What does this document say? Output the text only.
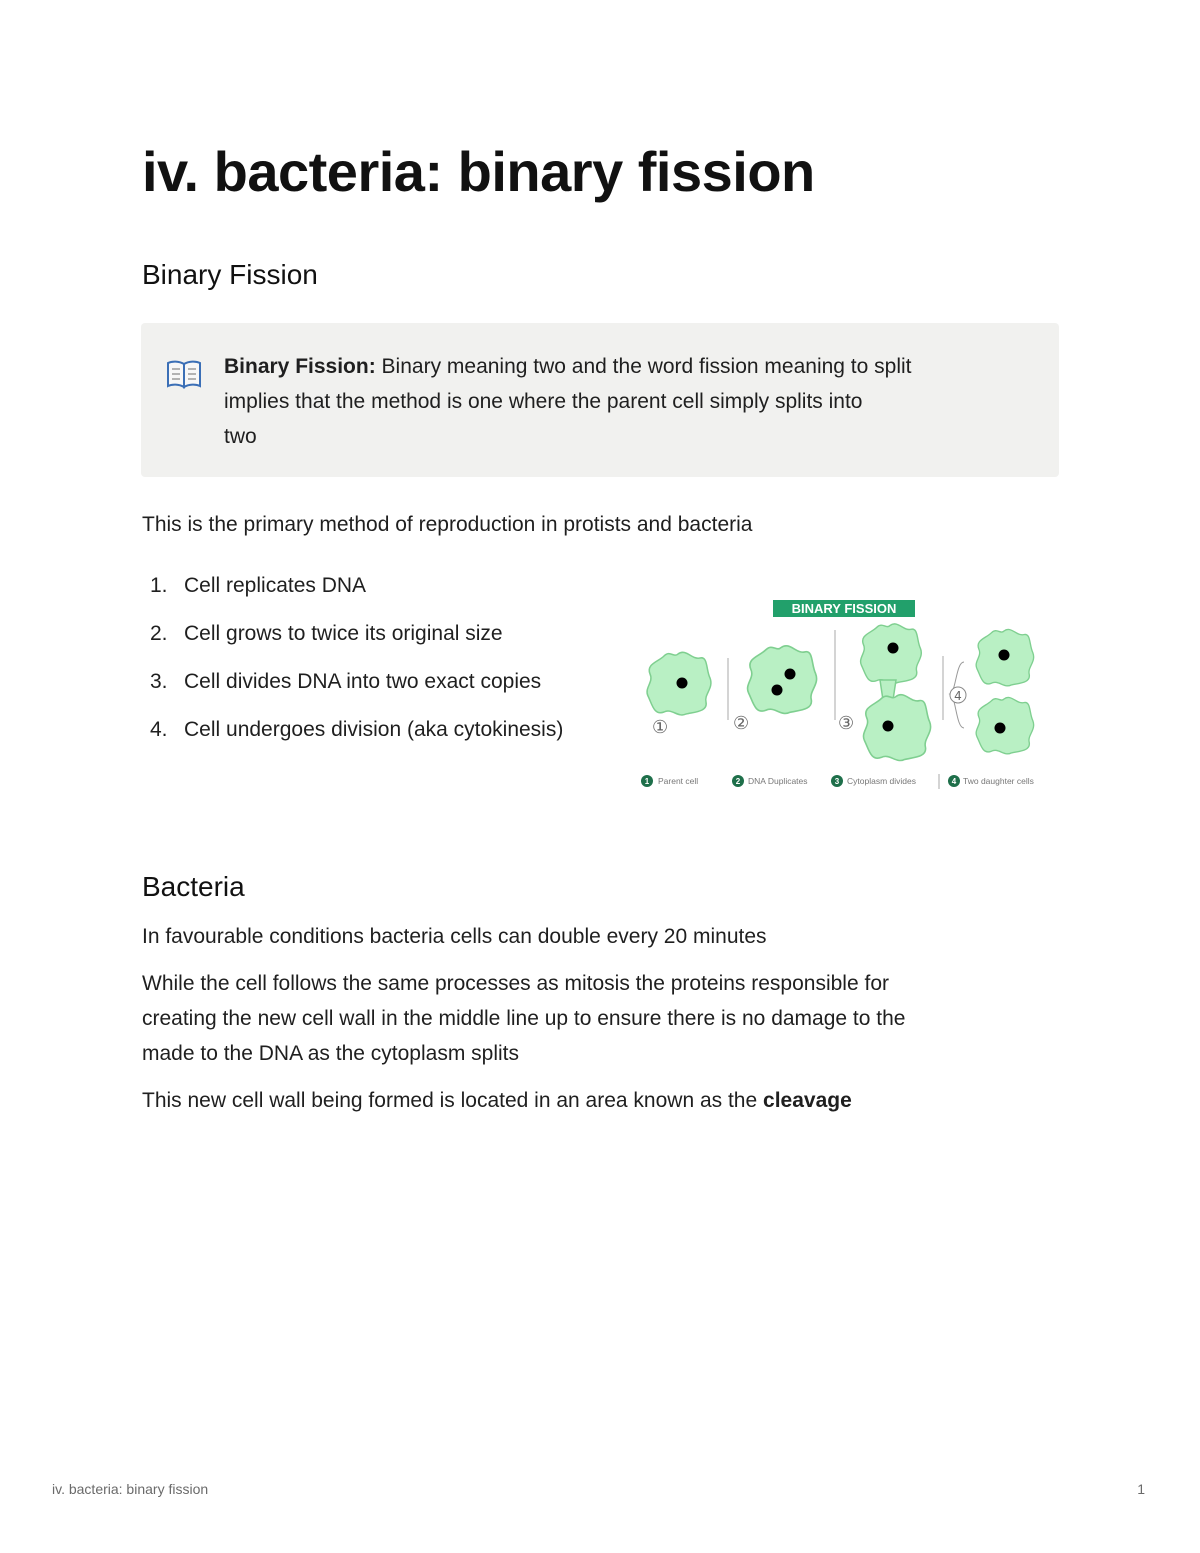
iv. bacteria: binary fission
Binary Fission
Binary Fission: Binary meaning two and the word fission meaning to split
implies that the method is one where the parent cell simply splits into
two

This is the primary method of reproduction in protists and bacteria

1. Cell replicates DNA
2. Cell grows to twice its original size
3. Cell divides DNA into two exact copies
4. Cell undergoes division (aka cytokinesis)
BINARY FISSION
①	②	③
4
1 Parent cell	2 DNA Duplicates	3 Cytoplasm divides	4 Two daughter cells
Bacteria

In favourable conditions bacteria cells can double every 20 minutes

While the cell follows the same processes as mitosis the proteins responsible for
creating the new cell wall in the middle line up to ensure there is no damage to the
made to the DNA as the cytoplasm splits

This new cell wall being formed is located in an area known as the cleavage

iv. bacteria: binary fission	1
